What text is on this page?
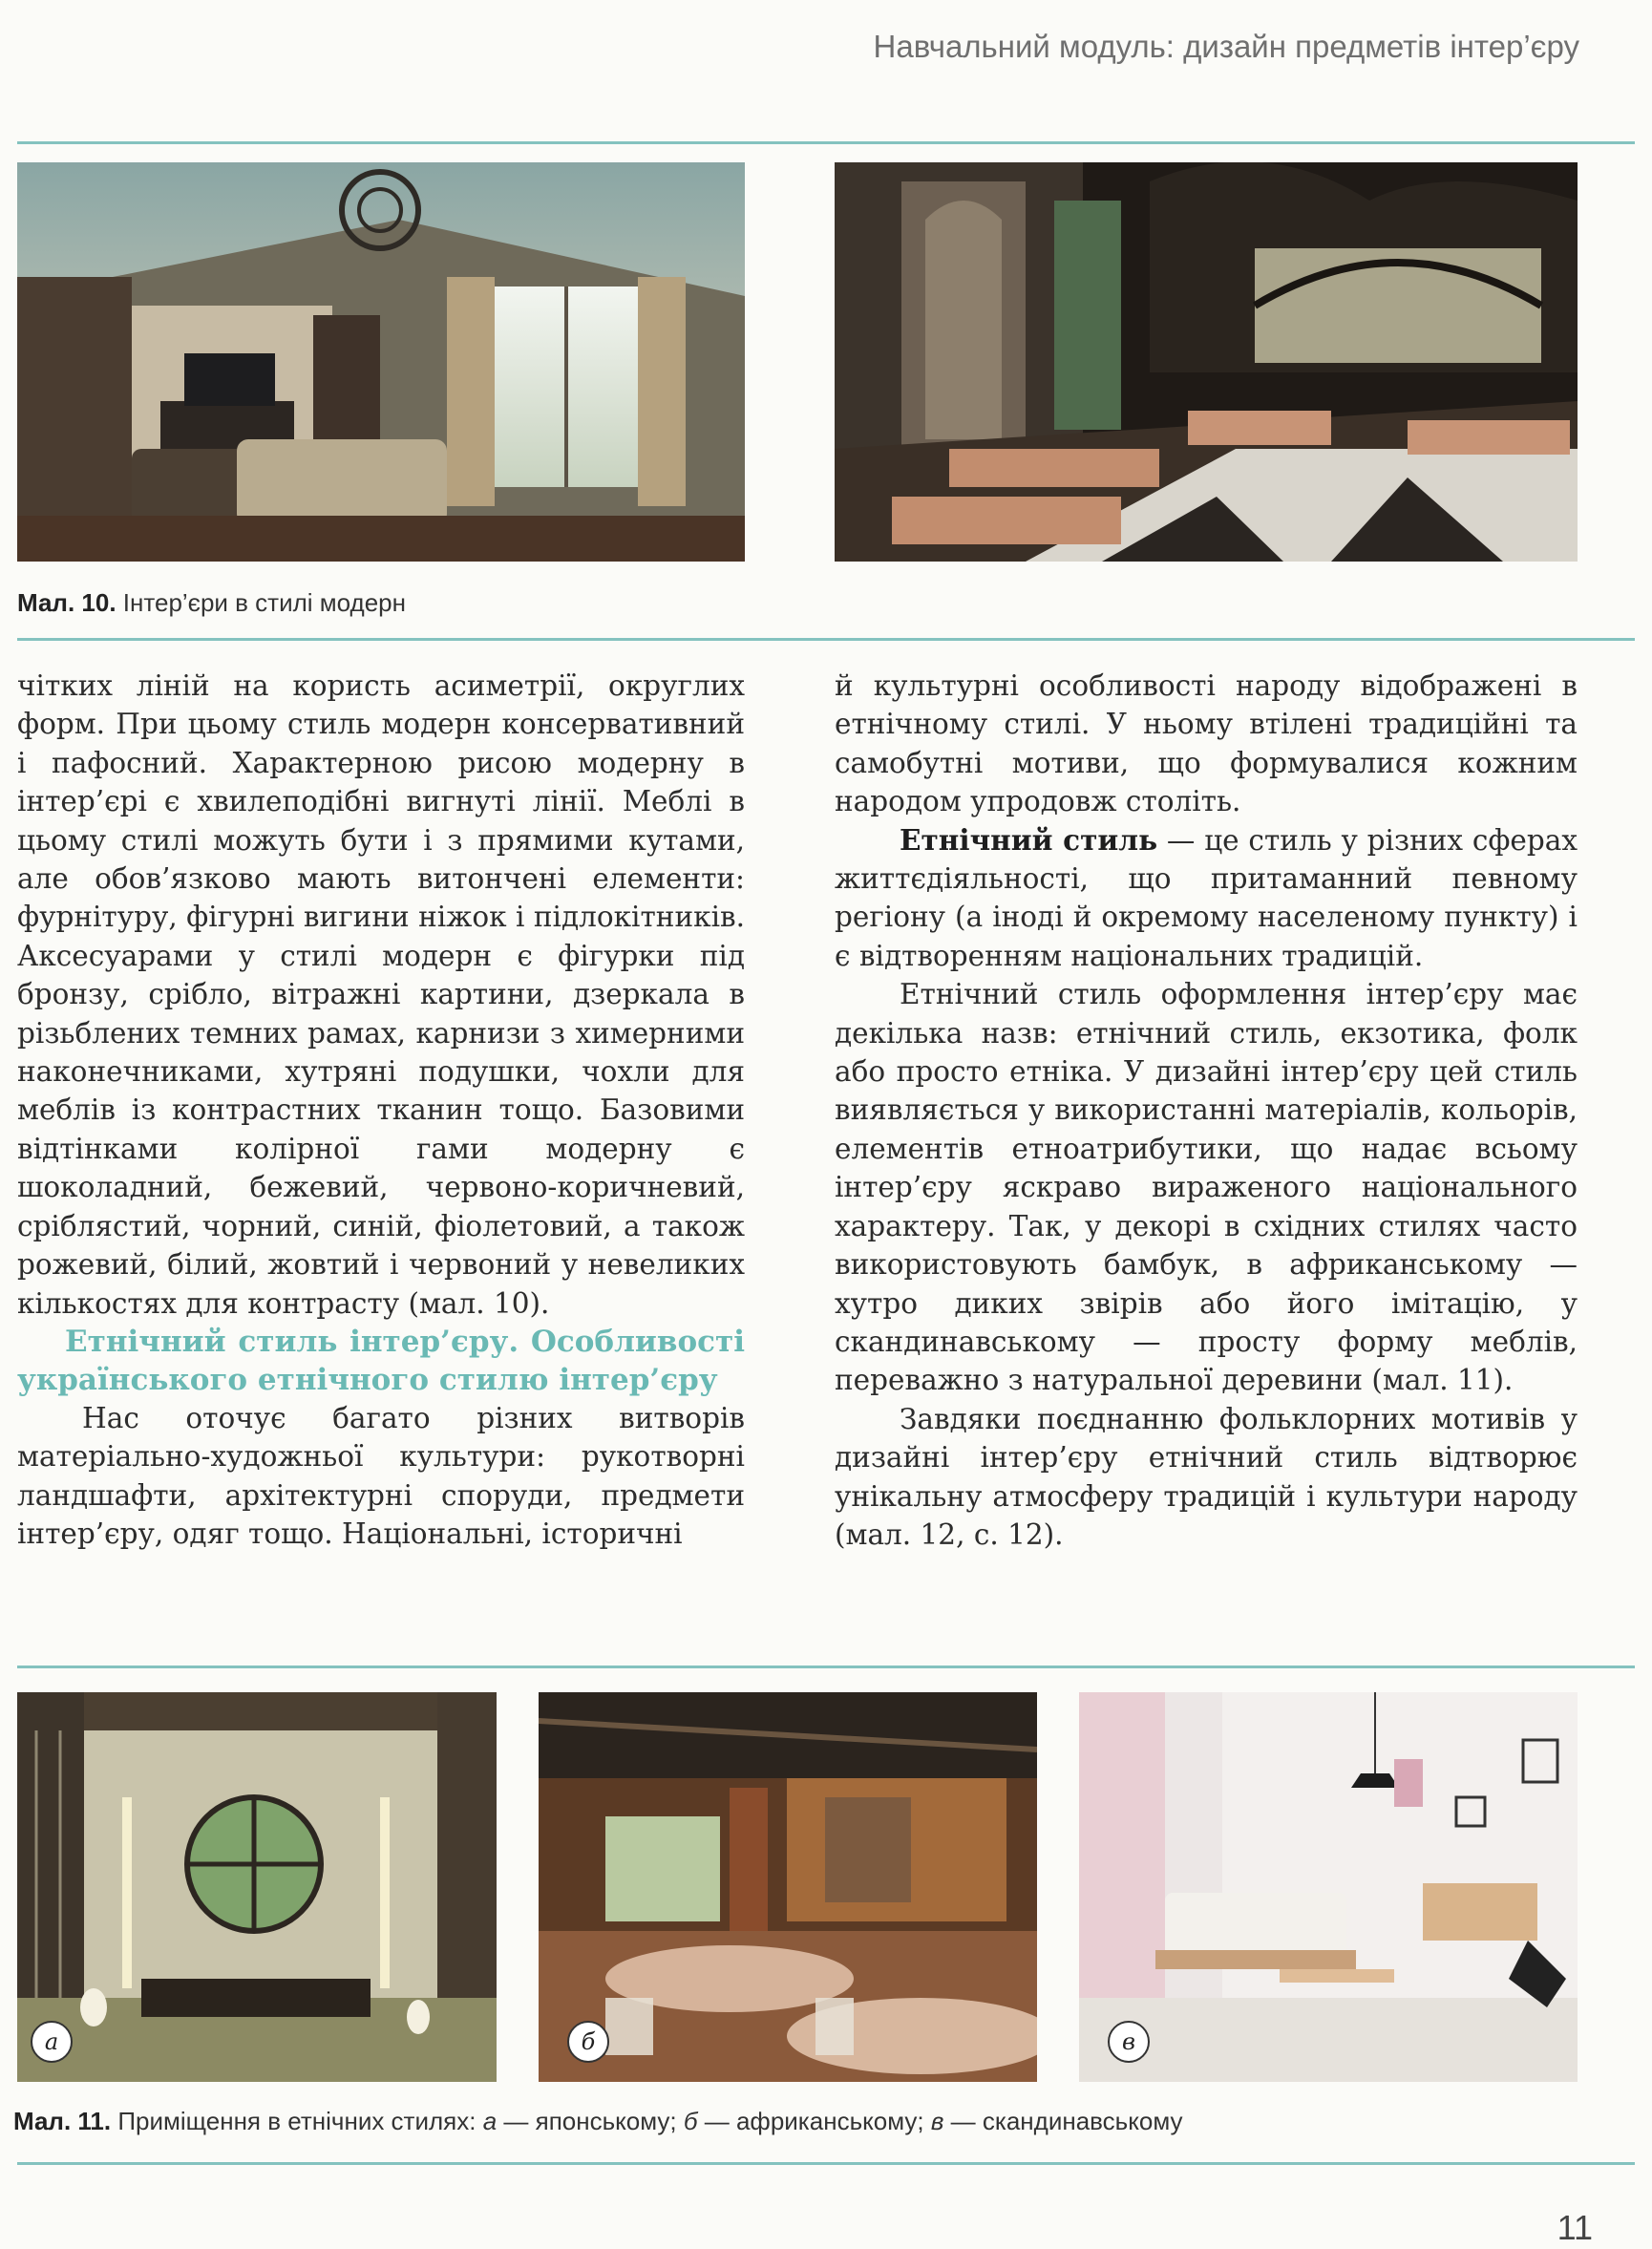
Навчальний модуль: дизайн предметів інтер’єру
Мал. 10. Інтер’єри в стилі модерн

чітких ліній на користь асиметрії, округлих форм. При цьому стиль модерн консервативний і пафосний. Характерною рисою модерну в інтер’єрі є хвилеподібні вигнуті лінії. Меблі в цьому стилі можуть бути і з прямими кутами, але обов’язково мають витончені елементи: фурнітуру, фігурні вигини ніжок і підлокітників. Аксесуарами у стилі модерн є фігурки під бронзу, срібло, вітражні картини, дзеркала в різьблених темних рамах, карнизи з химерними наконечниками, хутряні подушки, чохли для меблів із контрастних тканин тощо. Базовими відтінками колірної гами модерну є шоколадний, бежевий, червоно-коричневий, сріблястий, чорний, синій, фіолетовий, а також рожевий, білий, жовтий і червоний у невеликих кількостях для контрасту (мал. 10).

Етнічний стиль інтер’єру. Особливості українського етнічного стилю інтер’єру

Нас оточує багато різних витворів матеріально-художньої культури: рукотворні ландшафти, архітектурні споруди, предмети інтер’єру, одяг тощо. Національні, історичні

й культурні особливості народу відображені в етнічному стилі. У ньому втілені традиційні та самобутні мотиви, що формувалися кожним народом упродовж століть.

Етнічний стиль — це стиль у різних сферах життєдіяльності, що притаманний певному регіону (а іноді й окремому населеному пункту) і є відтворенням національних традицій.

Етнічний стиль оформлення інтер’єру має декілька назв: етнічний стиль, екзотика, фолк або просто етніка. У дизайні інтер’єру цей стиль виявляється у використанні матеріалів, кольорів, елементів етноатрибутики, що надає всьому інтер’єру яскраво вираженого національного характеру. Так, у декорі в східних стилях часто використовують бамбук, в африканському — хутро диких звірів або його імітацію, у скандинавському — просту форму меблів, переважно з натуральної деревини (мал. 11).

Завдяки поєднанню фольклорних мотивів у дизайні інтер’єру етнічний стиль відтворює унікальну атмосферу традицій і культури народу (мал. 12, с. 12).

а	б	в
Мал. 11. Приміщення в етнічних стилях: а — японському; б — африканському; в — скандинавському
11
